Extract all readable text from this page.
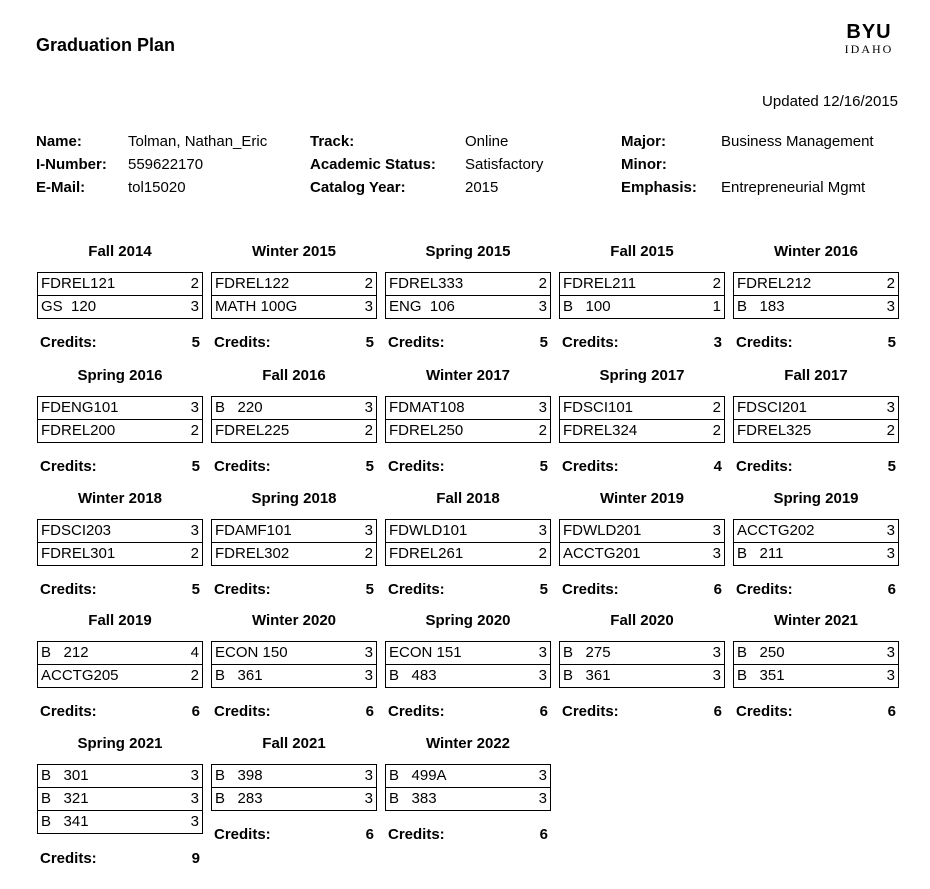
Graduation Plan
BYU
IDAHO
Updated 12/16/2015
Name:	Tolman, Nathan_Eric
I-Number:	559622170
E-Mail:	tol15020
Track:	Online
Academic Status:	Satisfactory
Catalog Year:	2015
Major:	Business Management
Minor:
Emphasis:	Entrepreneurial Mgmt
Fall 2014
FDREL121	2
GS  120	3
Credits:	5
Winter 2015
FDREL122	2
MATH 100G	3
Credits:	5
Spring 2015
FDREL333	2
ENG  106	3
Credits:	5
Fall 2015
FDREL211	2
B   100	1
Credits:	3
Winter 2016
FDREL212	2
B   183	3
Credits:	5
Spring 2016
FDENG101	3
FDREL200	2
Credits:	5
Fall 2016
B   220	3
FDREL225	2
Credits:	5
Winter 2017
FDMAT108	3
FDREL250	2
Credits:	5
Spring 2017
FDSCI101	2
FDREL324	2
Credits:	4
Fall 2017
FDSCI201	3
FDREL325	2
Credits:	5
Winter 2018
FDSCI203	3
FDREL301	2
Credits:	5
Spring 2018
FDAMF101	3
FDREL302	2
Credits:	5
Fall 2018
FDWLD101	3
FDREL261	2
Credits:	5
Winter 2019
FDWLD201	3
ACCTG201	3
Credits:	6
Spring 2019
ACCTG202	3
B   211	3
Credits:	6
Fall 2019
B   212	4
ACCTG205	2
Credits:	6
Winter 2020
ECON 150	3
B   361	3
Credits:	6
Spring 2020
ECON 151	3
B   483	3
Credits:	6
Fall 2020
B   275	3
B   361	3
Credits:	6
Winter 2021
B   250	3
B   351	3
Credits:	6
Spring 2021
B   301	3
B   321	3
B   341	3
Credits:	9
Fall 2021
B   398	3
B   283	3
Credits:	6
Winter 2022
B   499A	3
B   383	3
Credits:	6
